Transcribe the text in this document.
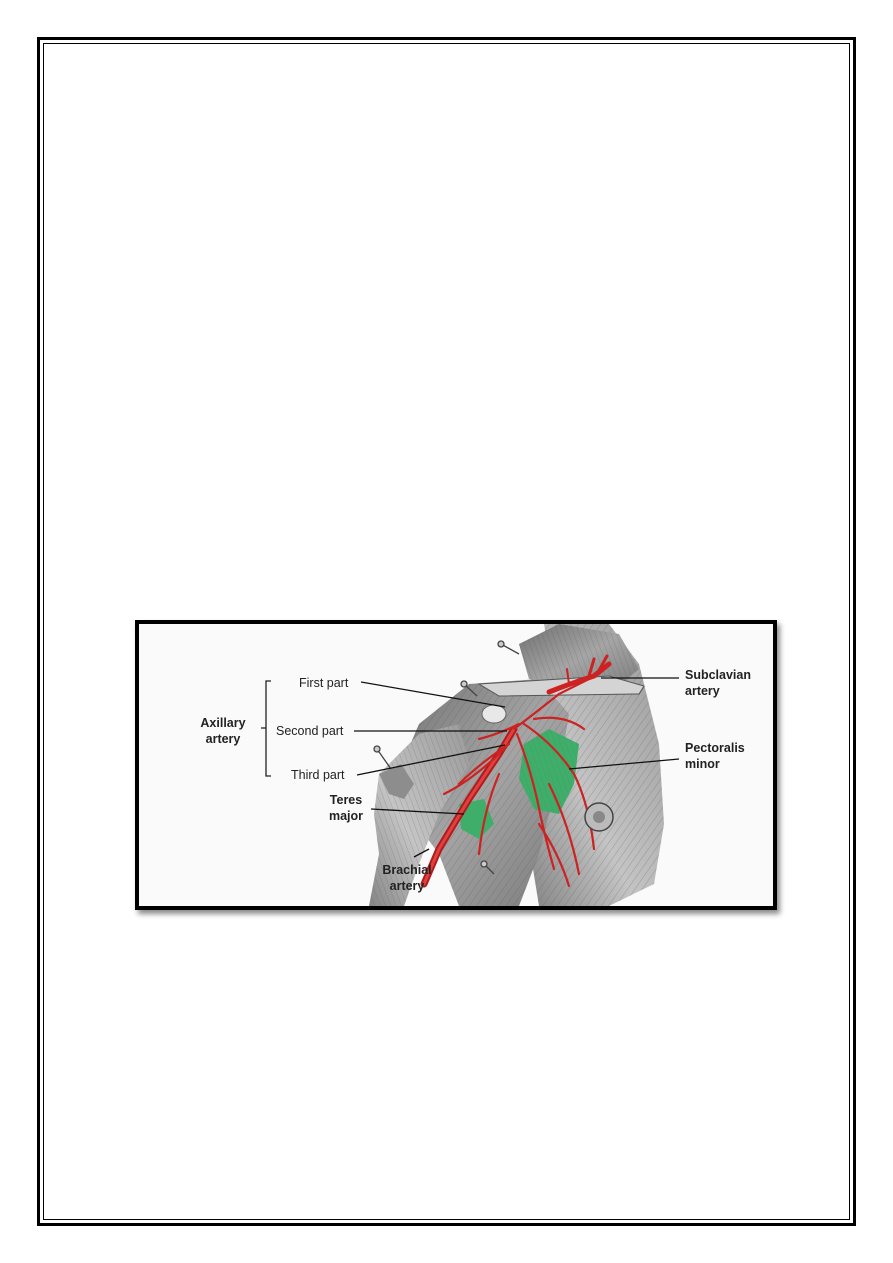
Axillary
artery
First part
Second part
Third part
Teres
major
Brachial
artery
Subclavian
artery
Pectoralis
minor
